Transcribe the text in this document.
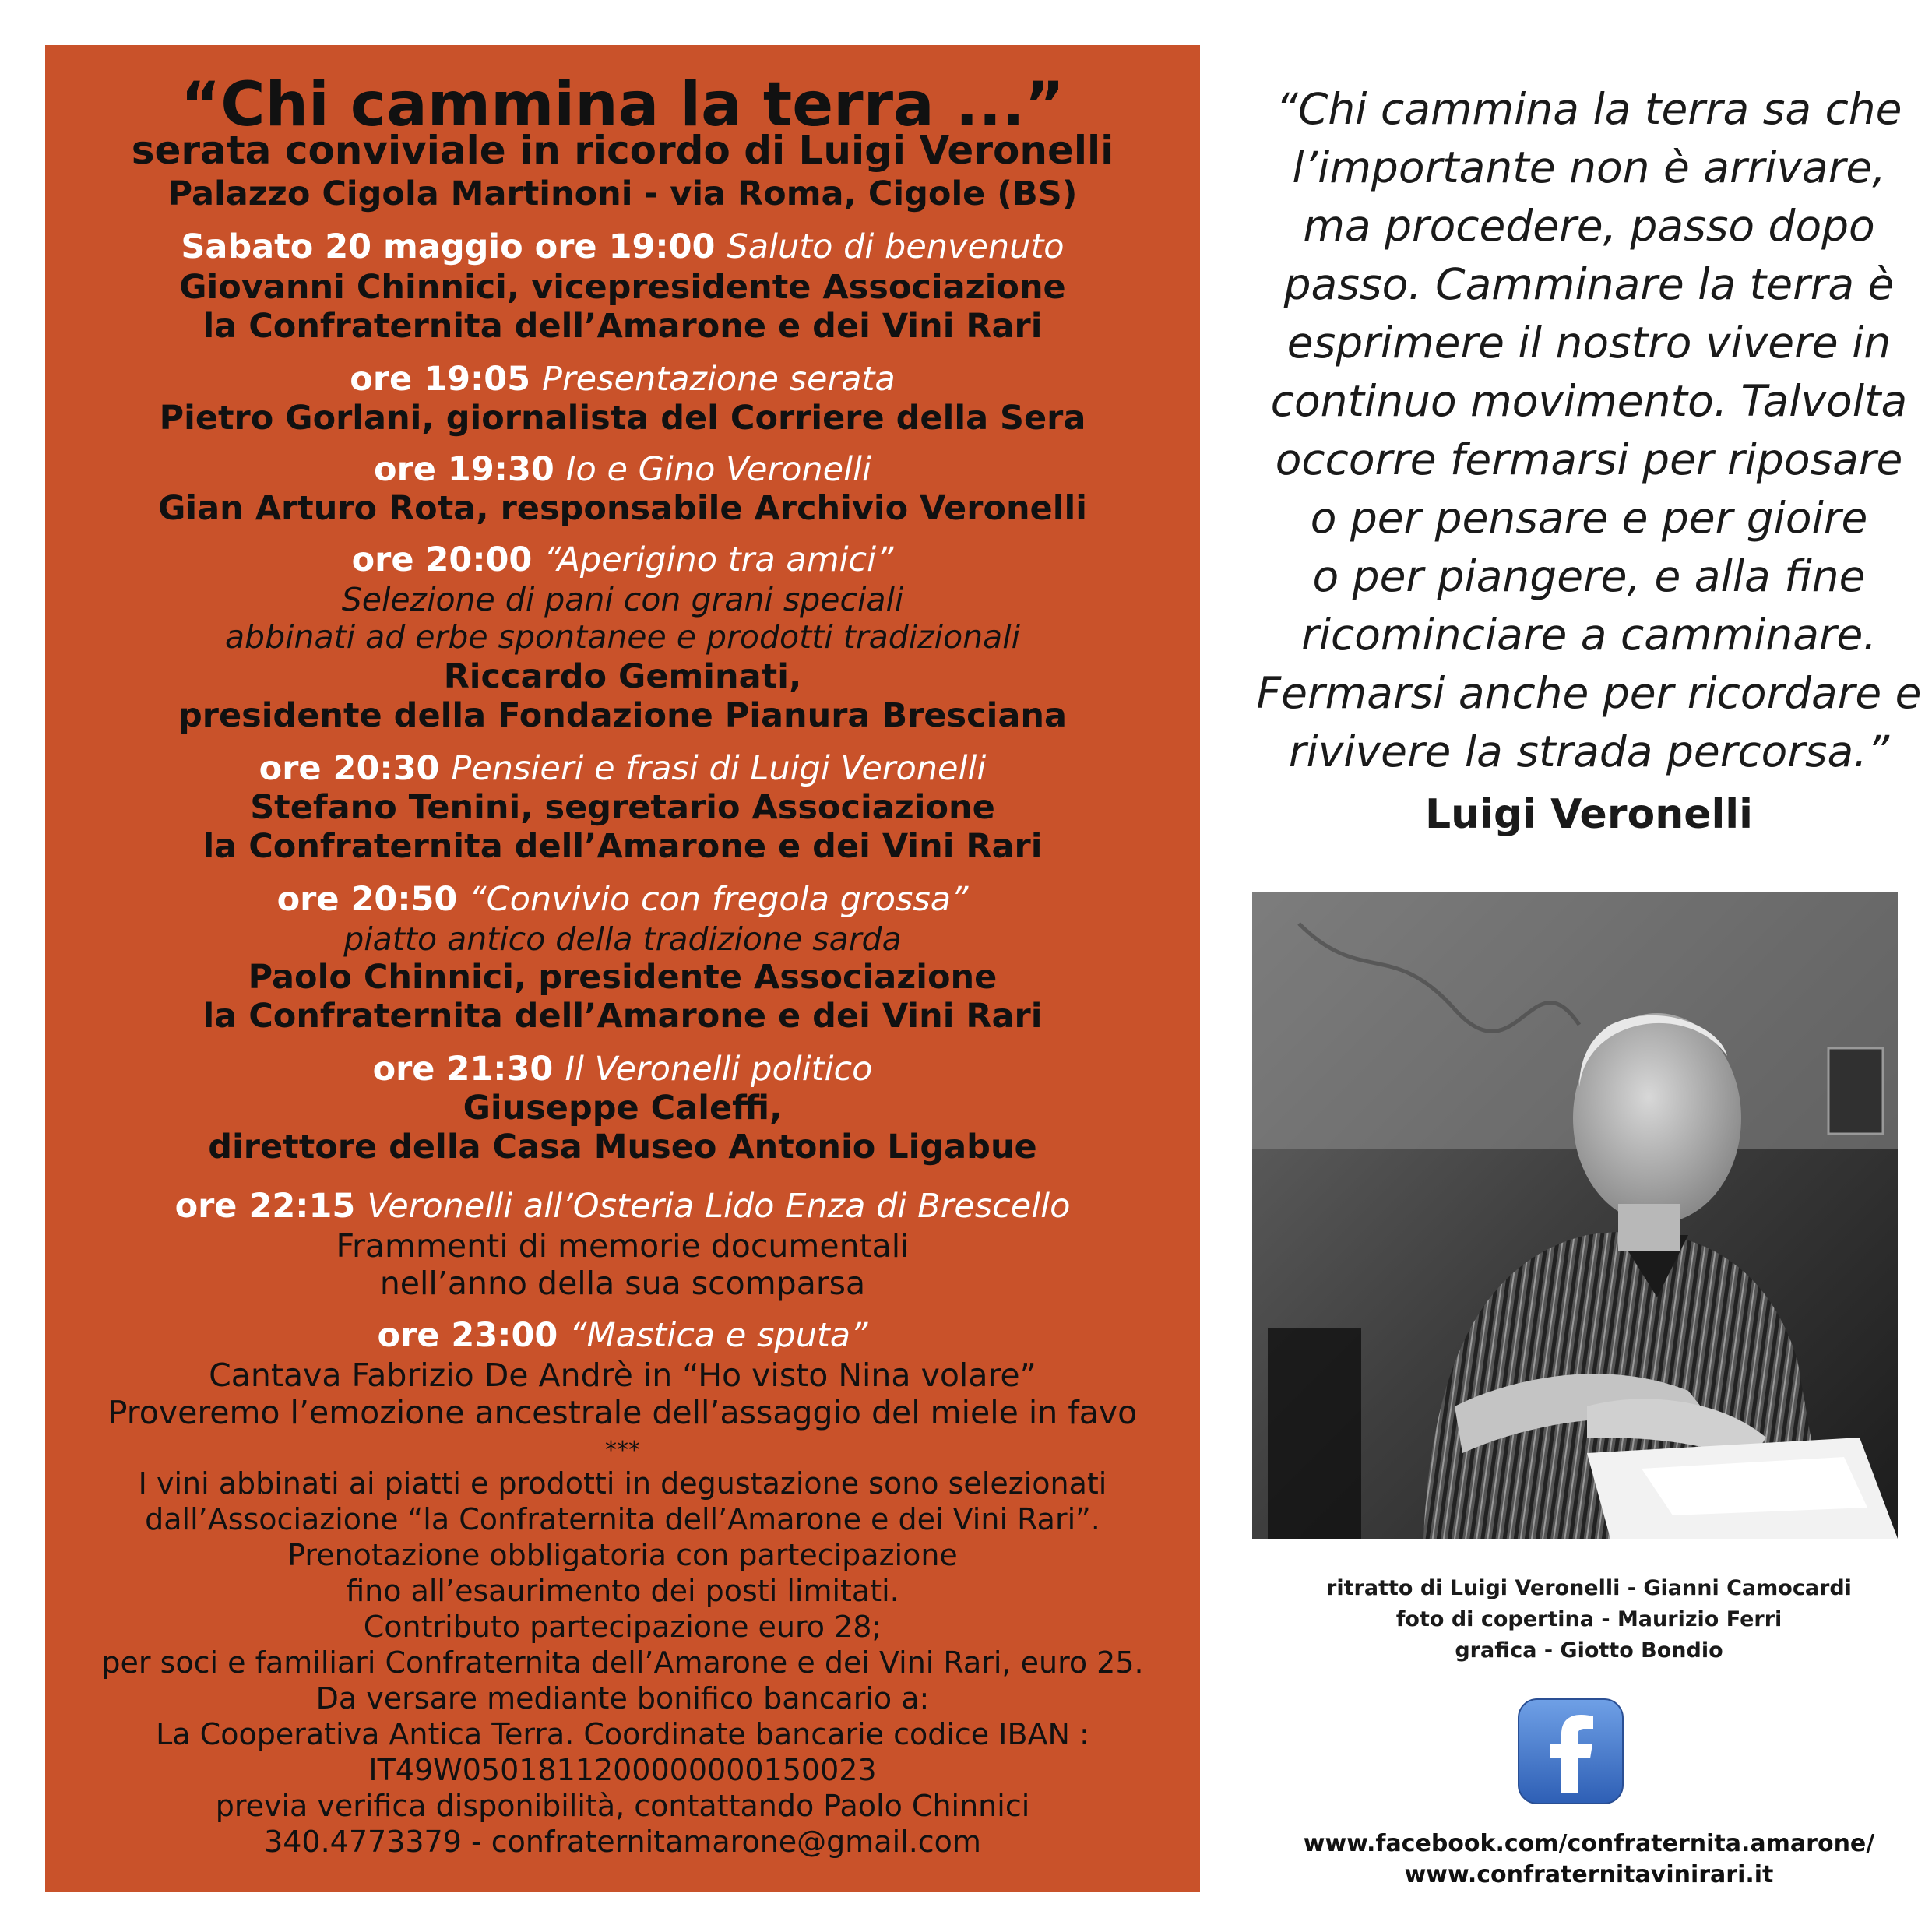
“Chi cammina la terra ...”
serata conviviale in ricordo di Luigi Veronelli
Palazzo Cigola Martinoni - via Roma, Cigole (BS)
Sabato 20 maggio ore 19:00 Saluto di benvenuto
Giovanni Chinnici, vicepresidente Associazione
la Confraternita dell’Amarone e dei Vini Rari
ore 19:05 Presentazione serata
Pietro Gorlani, giornalista del Corriere della Sera
ore 19:30 Io e Gino Veronelli
Gian Arturo Rota, responsabile Archivio Veronelli
ore 20:00 “Aperigino tra amici”
Selezione di pani con grani speciali
abbinati ad erbe spontanee e prodotti tradizionali
Riccardo Geminati,
presidente della Fondazione Pianura Bresciana
ore 20:30 Pensieri e frasi di Luigi Veronelli
Stefano Tenini, segretario Associazione
la Confraternita dell’Amarone e dei Vini Rari
ore 20:50 “Convivio con fregola grossa”
piatto antico della tradizione sarda
Paolo Chinnici, presidente Associazione
la Confraternita dell’Amarone e dei Vini Rari
ore 21:30 Il Veronelli politico
Giuseppe Caleffi,
direttore della Casa Museo Antonio Ligabue
ore 22:15 Veronelli all’Osteria Lido Enza di Brescello
Frammenti di memorie documentali
nell’anno della sua scomparsa
ore 23:00 “Mastica e sputa”
Cantava Fabrizio De Andrè in “Ho visto Nina volare”
Proveremo l’emozione ancestrale dell’assaggio del miele in favo
***
I vini abbinati ai piatti e prodotti in degustazione sono selezionati
dall’Associazione “la Confraternita dell’Amarone e dei Vini Rari”.
Prenotazione obbligatoria con partecipazione
fino all’esaurimento dei posti limitati.
Contributo partecipazione euro 28;
per soci e familiari Confraternita dell’Amarone e dei Vini Rari, euro 25.
Da versare mediante bonifico bancario a:
La Cooperativa Antica Terra. Coordinate bancarie codice IBAN :
IT49W0501811200000000150023
previa verifica disponibilità, contattando Paolo Chinnici
340.4773379 - confraternitamarone@gmail.com
“Chi cammina la terra sa che
l’importante non è arrivare,
ma procedere, passo dopo
passo. Camminare la terra è
esprimere il nostro vivere in
continuo movimento. Talvolta
occorre fermarsi per riposare
o per pensare e per gioire
o per piangere, e alla fine
ricominciare a camminare.
Fermarsi anche per ricordare e
rivivere la strada percorsa.”
Luigi Veronelli
ritratto di Luigi Veronelli - Gianni Camocardi
foto di copertina - Maurizio Ferri
grafica - Giotto Bondio
www.facebook.com/confraternita.amarone/
www.confraternitavinirari.it
